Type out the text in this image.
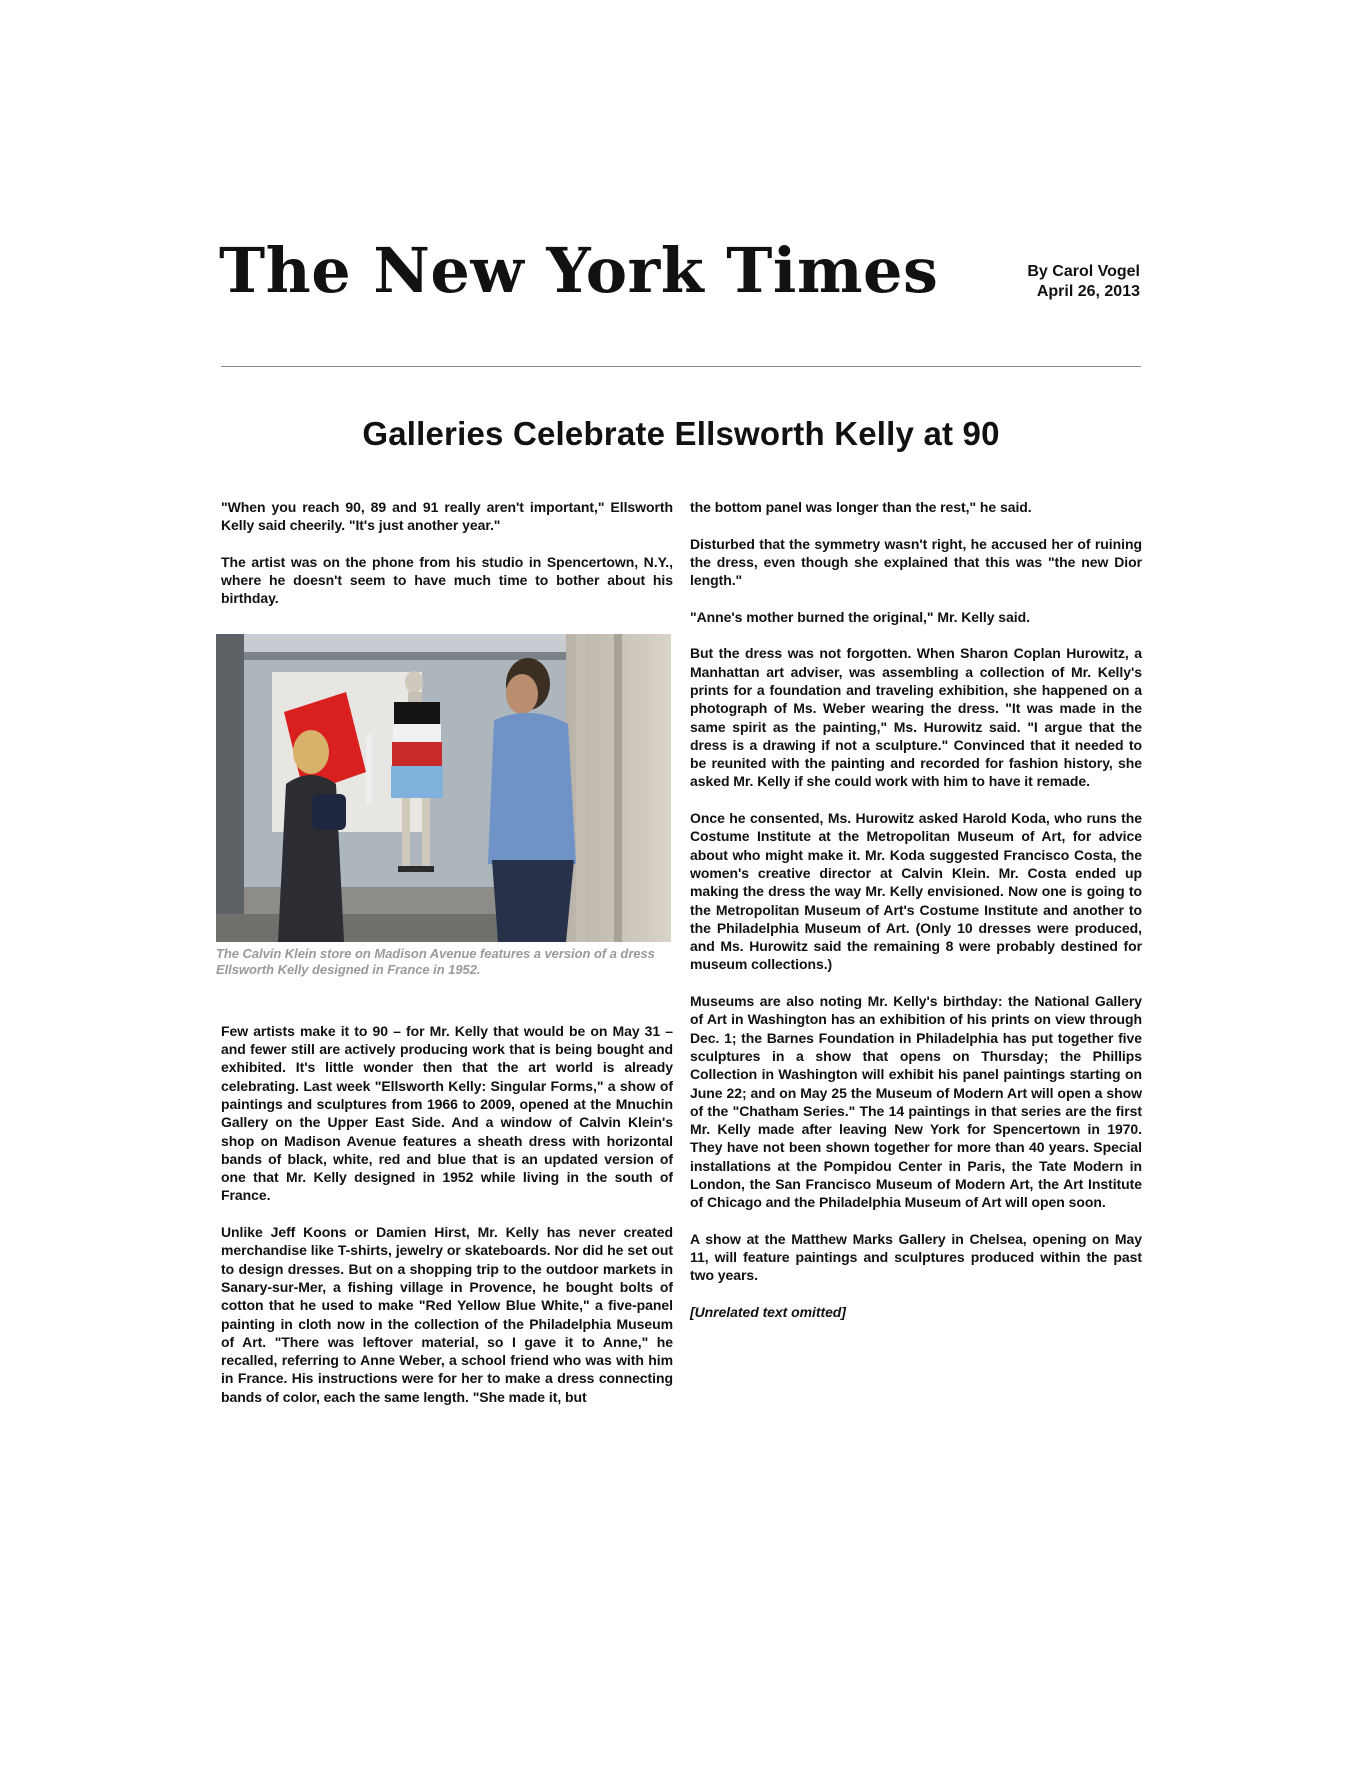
The New York Times	By Carol Vogel
April 26, 2013
Galleries Celebrate Ellsworth Kelly at 90

"When you reach 90, 89 and 91 really aren't important," Ellsworth Kelly said cheerily. "It's just another year."

The artist was on the phone from his studio in Spencertown, N.Y., where he doesn't seem to have much time to bother about his birthday.

The Calvin Klein store on Madison Avenue features a version of a dress Ellsworth Kelly designed in France in 1952.

Few artists make it to 90 – for Mr. Kelly that would be on May 31 – and fewer still are actively producing work that is being bought and exhibited. It's little wonder then that the art world is already celebrating. Last week "Ellsworth Kelly: Singular Forms," a show of paintings and sculptures from 1966 to 2009, opened at the Mnuchin Gallery on the Upper East Side. And a window of Calvin Klein's shop on Madison Avenue features a sheath dress with horizontal bands of black, white, red and blue that is an updated version of one that Mr. Kelly designed in 1952 while living in the south of France.

Unlike Jeff Koons or Damien Hirst, Mr. Kelly has never created merchandise like T-shirts, jewelry or skateboards. Nor did he set out to design dresses. But on a shopping trip to the outdoor markets in Sanary-sur-Mer, a fishing village in Provence, he bought bolts of cotton that he used to make "Red Yellow Blue White," a five-panel painting in cloth now in the collection of the Philadelphia Museum of Art. "There was leftover material, so I gave it to Anne," he recalled, referring to Anne Weber, a school friend who was with him in France. His instructions were for her to make a dress connecting bands of color, each the same length. "She made it, but

the bottom panel was longer than the rest," he said.

Disturbed that the symmetry wasn't right, he accused her of ruining the dress, even though she explained that this was "the new Dior length."

"Anne's mother burned the original," Mr. Kelly said.

But the dress was not forgotten. When Sharon Coplan Hurowitz, a Manhattan art adviser, was assembling a collection of Mr. Kelly's prints for a foundation and traveling exhibition, she happened on a photograph of Ms. Weber wearing the dress. "It was made in the same spirit as the painting," Ms. Hurowitz said. "I argue that the dress is a drawing if not a sculpture." Convinced that it needed to be reunited with the painting and recorded for fashion history, she asked Mr. Kelly if she could work with him to have it remade.

Once he consented, Ms. Hurowitz asked Harold Koda, who runs the Costume Institute at the Metropolitan Museum of Art, for advice about who might make it. Mr. Koda suggested Francisco Costa, the women's creative director at Calvin Klein. Mr. Costa ended up making the dress the way Mr. Kelly envisioned. Now one is going to the Metropolitan Museum of Art's Costume Institute and another to the Philadelphia Museum of Art. (Only 10 dresses were produced, and Ms. Hurowitz said the remaining 8 were probably destined for museum collections.)

Museums are also noting Mr. Kelly's birthday: the National Gallery of Art in Washington has an exhibition of his prints on view through Dec. 1; the Barnes Foundation in Philadelphia has put together five sculptures in a show that opens on Thursday; the Phillips Collection in Washington will exhibit his panel paintings starting on June 22; and on May 25 the Museum of Modern Art will open a show of the "Chatham Series." The 14 paintings in that series are the first Mr. Kelly made after leaving New York for Spencertown in 1970. They have not been shown together for more than 40 years. Special installations at the Pompidou Center in Paris, the Tate Modern in London, the San Francisco Museum of Modern Art, the Art Institute of Chicago and the Philadelphia Museum of Art will open soon.

A show at the Matthew Marks Gallery in Chelsea, opening on May 11, will feature paintings and sculptures produced within the past two years.

[Unrelated text omitted]
